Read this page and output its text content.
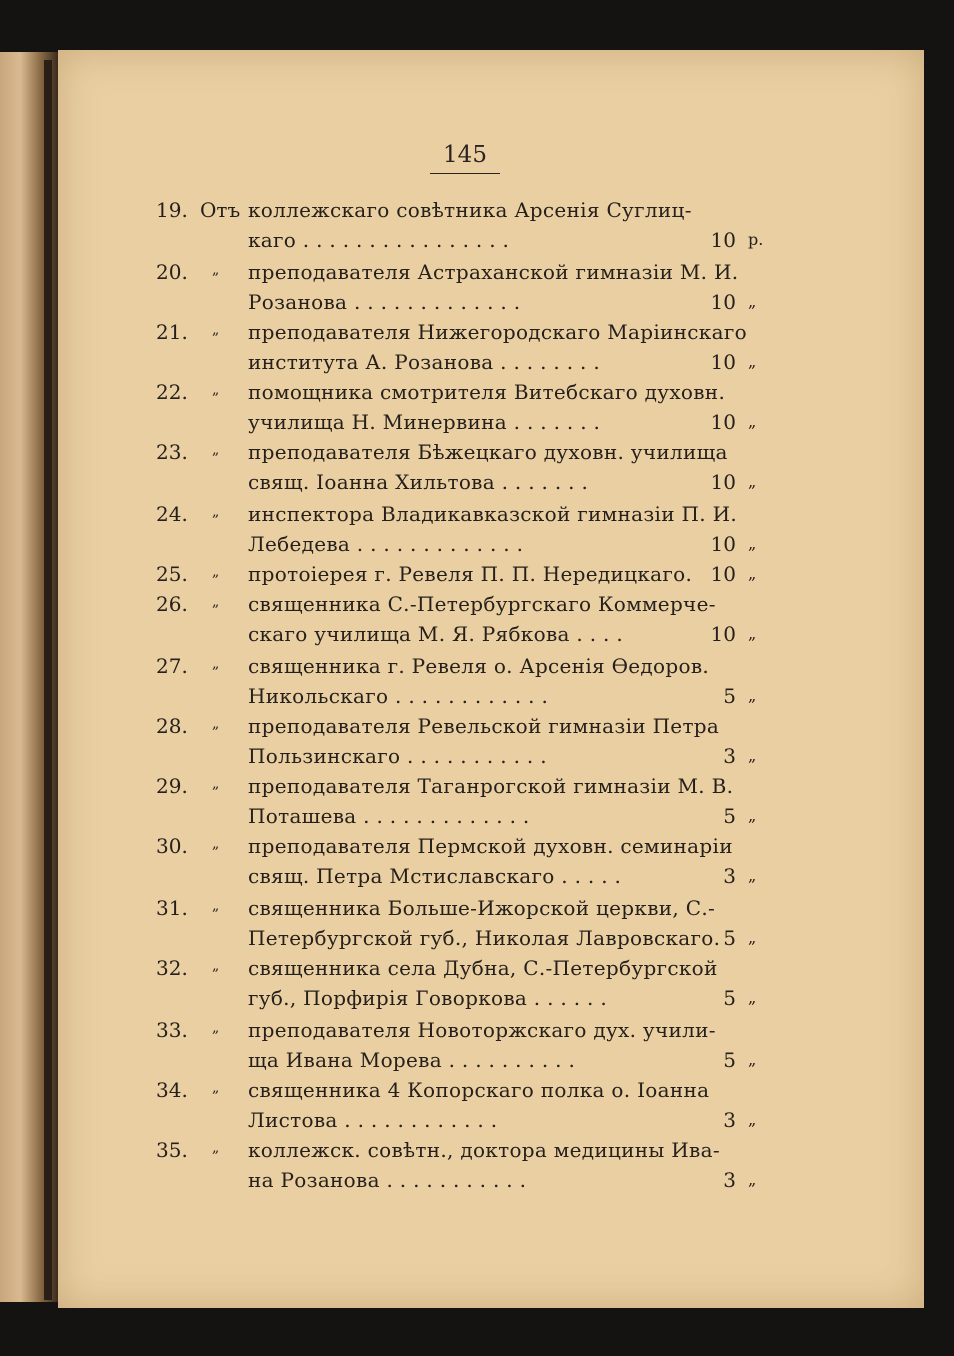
145
19. Отъ коллежскаго совѣтника Арсенія Суглиц-
каго . . . . . . . . . . . . . . . .	10 р.
20. „ преподавателя Астраханской гимназіи М. И.
Розанова . . . . . . . . . . . . .	10 „
21. „ преподавателя Нижегородскаго Маріинскаго
института А. Розанова . . . . . . . .	10 „
22. „ помощника смотрителя Витебскаго духовн.
училища Н. Минервина . . . . . . .	10 „
23. „ преподавателя Бѣжецкаго духовн. училища
свящ. Іоанна Хильтова . . . . . . .	10 „
24. „ инспектора Владикавказской гимназіи П. И.
Лебедева . . . . . . . . . . . . .	10 „
25. „ протоіерея г. Ревеля П. П. Нередицкаго. 10 „
26. „ священника С.-Петербургскаго Коммерче-
скаго училища М. Я. Рябкова . . . .	10 „
27. „ священника г. Ревеля о. Арсенія Ѳедоров.
Никольскаго . . . . . . . . . . . .	5 „
28. „ преподавателя Ревельской гимназіи Петра
Пользинскаго . . . . . . . . . . .	3 „
29. „ преподавателя Таганрогской гимназіи М. В.
Поташева . . . . . . . . . . . . .	5 „
30. „ преподавателя Пермской духовн. семинаріи
свящ. Петра Мстиславскаго . . . . .	3 „
31. „ священника Больше-Ижорской церкви, С.-
Петербургской губ., Николая Лавровскаго. 5 „
32. „ священника села Дубна, С.-Петербургской
губ., Порфирія Говоркова . . . . . .	5 „
33. „ преподавателя Новоторжскаго дух. учили-
ща Ивана Морева . . . . . . . . . .	5 „
34. „ священника 4 Копорскаго полка о. Іоанна
Листова . . . . . . . . . . . .	3 „
35. „ коллежск. совѣтн., доктора медицины Ива-
на Розанова . . . . . . . . . . .	3 „
